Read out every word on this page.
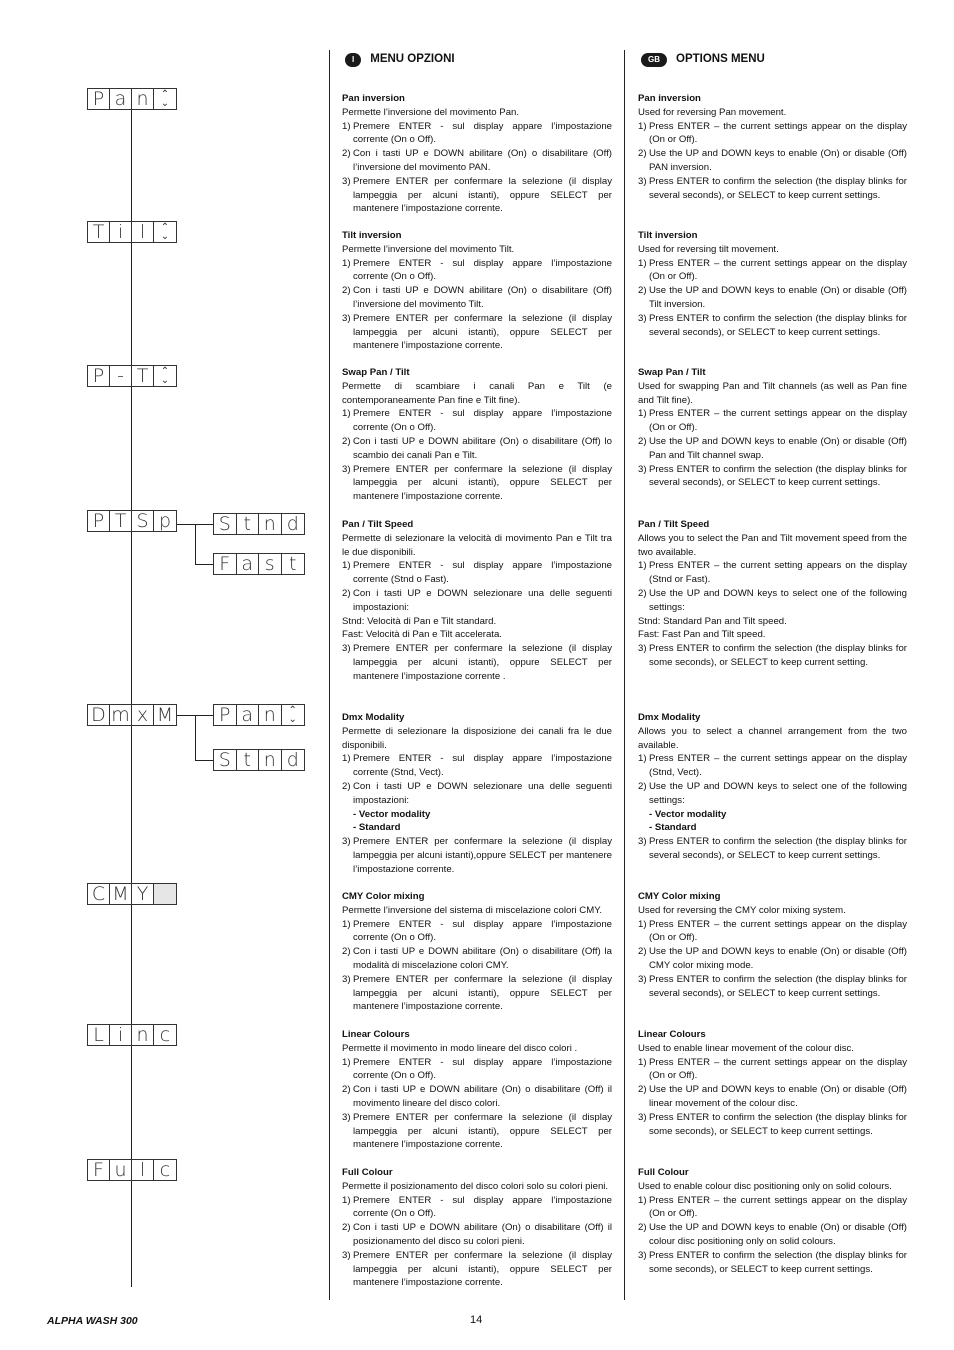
P a n	⌃
⌄
T i l	⌃
⌄
P - T	⌃
⌄
P T S p
D m x M
C M Y
L i n c
F u l c
S t n d
F a s t
P a n	⌃
⌄
S t n d
I	MENU OPZIONI
Pan inversion

Permette l’inversione del movimento Pan.

1) Premere ENTER - sul display appare l’impostazione corrente (On o Off).
2) Con i tasti UP e DOWN abilitare (On) o disabilitare (Off) l’inversione del movimento PAN.
3) Premere ENTER per confermare la selezione (il display lampeggia per alcuni istanti), oppure SELECT per mantenere l’impostazione corrente.
Tilt inversion

Permette l’inversione del movimento Tilt.

1) Premere ENTER - sul display appare l’impostazione corrente (On o Off).
2) Con i tasti UP e DOWN abilitare (On) o disabilitare (Off) l’inversione del movimento Tilt.
3) Premere ENTER per confermare la selezione (il display lampeggia per alcuni istanti), oppure SELECT per mantenere l’impostazione corrente.
Swap Pan / Tilt

Permette di scambiare i canali Pan e Tilt (e contemporaneamente Pan fine e Tilt fine).

1) Premere ENTER - sul display appare l’impostazione corrente (On o Off).
2) Con i tasti UP e DOWN abilitare (On) o disabilitare (Off) lo scambio dei canali Pan e Tilt.
3) Premere ENTER per confermare la selezione (il display lampeggia per alcuni istanti), oppure SELECT per mantenere l’impostazione corrente.
Pan / Tilt Speed

Permette di selezionare la velocità di movimento Pan e Tilt tra le due disponibili.

1) Premere ENTER - sul display appare l’impostazione corrente (Stnd o Fast).
2) Con i tasti UP e DOWN selezionare una delle seguenti impostazioni:

Stnd: Velocità di Pan e Tilt standard.

Fast: Velocità di Pan e Tilt accelerata.

3) Premere ENTER per confermare la selezione (il display lampeggia per alcuni istanti), oppure SELECT per mantenere l’impostazione corrente .
Dmx Modality

Permette di selezionare la disposizione dei canali fra le due disponibili.

1) Premere ENTER - sul display appare l’impostazione corrente (Stnd, Vect).
2) Con i tasti UP e DOWN selezionare una delle seguenti impostazioni:
- Vector modality
- Standard
3) Premere ENTER per confermare la selezione (il display lampeggia per alcuni istanti),oppure SELECT per mantenere l’impostazione corrente.
CMY Color mixing

Permette l’inversione del sistema di miscelazione colori CMY.

1) Premere ENTER - sul display appare l’impostazione corrente (On o Off).
2) Con i tasti UP e DOWN abilitare (On) o disabilitare (Off) la modalità di miscelazione colori CMY.
3) Premere ENTER per confermare la selezione (il display lampeggia per alcuni istanti), oppure SELECT per mantenere l’impostazione corrente.
Linear Colours

Permette il movimento in modo lineare del disco colori .

1) Premere ENTER - sul display appare l’impostazione corrente (On o Off).
2) Con i tasti UP e DOWN abilitare (On) o disabilitare (Off) il movimento lineare del disco colori.
3) Premere ENTER per confermare la selezione (il display lampeggia per alcuni istanti), oppure SELECT per mantenere l’impostazione corrente.
Full Colour

Permette il posizionamento del disco colori solo su colori pieni.

1) Premere ENTER - sul display appare l’impostazione corrente (On o Off).
2) Con i tasti UP e DOWN abilitare (On) o disabilitare (Off) il posizionamento del disco su colori pieni.
3) Premere ENTER per confermare la selezione (il display lampeggia per alcuni istanti), oppure SELECT per mantenere l’impostazione corrente.
GB	OPTIONS MENU
Pan inversion

Used for reversing Pan movement.

1) Press ENTER – the current settings appear on the display (On or Off).
2) Use the UP and DOWN keys to enable (On) or disable (Off) PAN inversion.
3) Press ENTER to confirm the selection (the display blinks for several seconds), or SELECT to keep current settings.
Tilt inversion

Used for reversing tilt movement.

1) Press ENTER – the current settings appear on the display (On or Off).
2) Use the UP and DOWN keys to enable (On) or disable (Off) Tilt inversion.
3) Press ENTER to confirm the selection (the display blinks for several seconds), or SELECT to keep current settings.
Swap Pan / Tilt

Used for swapping Pan and Tilt channels (as well as Pan fine and Tilt fine).

1) Press ENTER – the current settings appear on the display (On or Off).
2) Use the UP and DOWN keys to enable (On) or disable (Off) Pan and Tilt channel swap.
3) Press ENTER to confirm the selection (the display blinks for several seconds), or SELECT to keep current settings.
Pan / Tilt Speed

Allows you to select the Pan and Tilt movement speed from the two available.

1) Press ENTER – the current setting appears on the display (Stnd or Fast).
2) Use the UP and DOWN keys to select one of the following settings:

Stnd: Standard Pan and Tilt speed.

Fast: Fast Pan and Tilt speed.

3) Press ENTER to confirm the selection (the display blinks for some seconds), or SELECT to keep current setting.
Dmx Modality

Allows you to select a channel arrangement from the two available.

1) Press ENTER – the current settings appear on the display (Stnd, Vect).
2) Use the UP and DOWN keys to select one of the following settings:
- Vector modality
- Standard
3) Press ENTER to confirm the selection (the display blinks for several seconds), or SELECT to keep current settings.
CMY Color mixing

Used for reversing the CMY color mixing system.

1) Press ENTER – the current settings appear on the display (On or Off).
2) Use the UP and DOWN keys to enable (On) or disable (Off) CMY color mixing mode.
3) Press ENTER to confirm the selection (the display blinks for several seconds), or SELECT to keep current settings.
Linear Colours

Used to enable linear movement of the colour disc.

1) Press ENTER – the current settings appear on the display (On or Off).
2) Use the UP and DOWN keys to enable (On) or disable (Off) linear movement of the colour disc.
3) Press ENTER to confirm the selection (the display blinks for some seconds), or SELECT to keep current settings.
Full Colour

Used to enable colour disc positioning only on solid colours.

1) Press ENTER – the current settings appear on the display (On or Off).
2) Use the UP and DOWN keys to enable (On) or disable (Off) colour disc positioning only on solid colours.
3) Press ENTER to confirm the selection (the display blinks for some seconds), or SELECT to keep current settings.
ALPHA WASH 300	14
